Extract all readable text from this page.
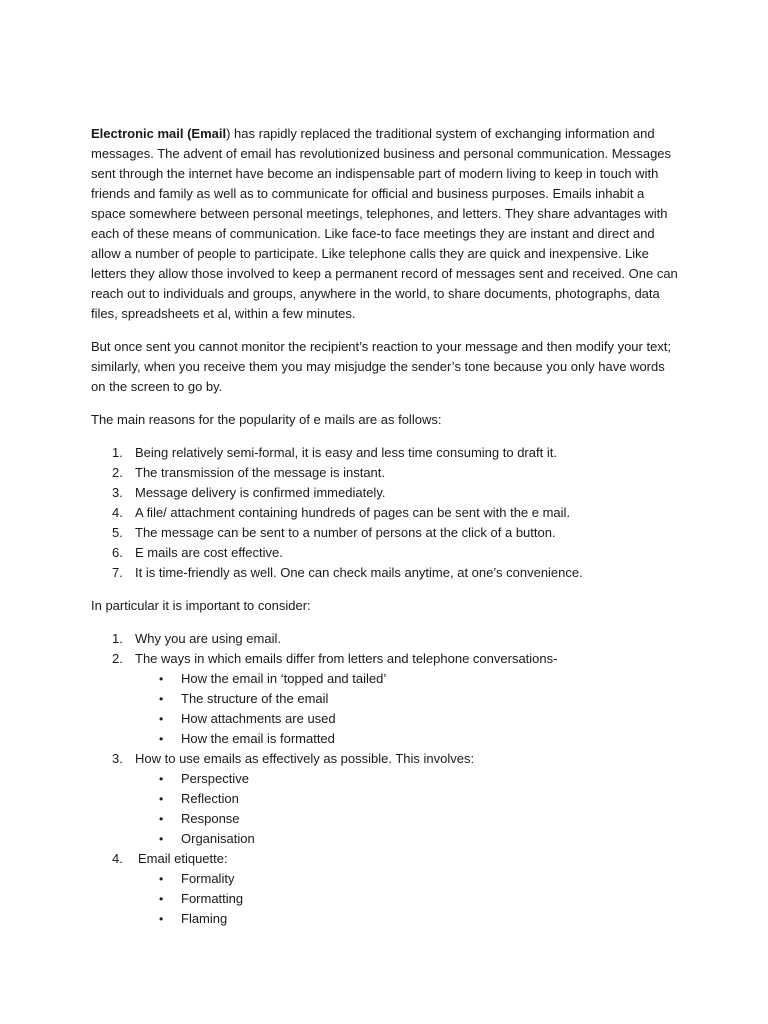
Electronic mail (Email) has rapidly replaced the traditional system of exchanging information and messages. The advent of email has revolutionized business and personal communication. Messages sent through the internet have become an indispensable part of modern living to keep in touch with friends and family as well as to communicate for official and business purposes. Emails inhabit a space somewhere between personal meetings, telephones, and letters. They share advantages with each of these means of communication. Like face-to face meetings they are instant and direct and allow a number of people to participate. Like telephone calls they are quick and inexpensive. Like letters they allow those involved to keep a permanent record of messages sent and received. One can reach out to individuals and groups, anywhere in the world, to share documents, photographs, data files, spreadsheets et al, within a few minutes.

But once sent you cannot monitor the recipient’s reaction to your message and then modify your text; similarly, when you receive them you may misjudge the sender’s tone because you only have words on the screen to go by.

The main reasons for the popularity of e mails are as follows:

1. Being relatively semi-formal, it is easy and less time consuming to draft it.
2. The transmission of the message is instant.
3. Message delivery is confirmed immediately.
4. A file/ attachment containing hundreds of pages can be sent with the e mail.
5. The message can be sent to a number of persons at the click of a button.
6. E mails are cost effective.
7. It is time-friendly as well. One can check mails anytime, at one’s convenience.

In particular it is important to consider:

1. Why you are using email.
2. The ways in which emails differ from letters and telephone conversations-
• How the email in ‘topped and tailed’
• The structure of the email
• How attachments are used
• How the email is formatted
3. How to use emails as effectively as possible. This involves:
• Perspective
• Reflection
• Response
• Organisation
4.	Email etiquette:
• Formality
• Formatting
• Flaming
